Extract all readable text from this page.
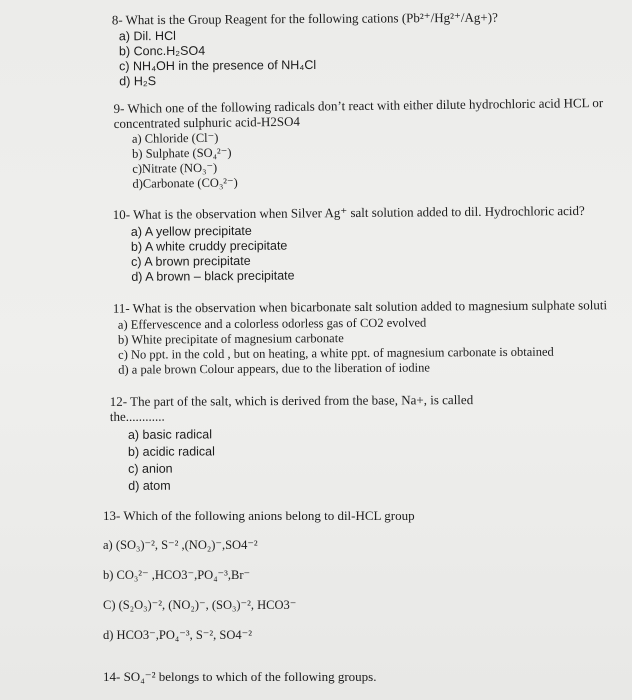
8- What is the Group Reagent for the following cations (Pb²⁺/Hg²⁺/Ag+)?
a) Dil. HCl
b) Conc.H₂SO4
c) NH₄OH in the presence of NH₄Cl
d) H₂S
9- Which one of the following radicals don’t react with either dilute hydrochloric acid HCL or
concentrated sulphuric acid-H2SO4
a) Chloride (Cl⁻)
b) Sulphate (SO₄²⁻)
c)Nitrate (NO₃⁻)
d)Carbonate (CO₃²⁻)
10- What is the observation when Silver Ag⁺ salt solution added to dil. Hydrochloric acid?
a) A yellow precipitate
b) A white cruddy precipitate
c) A brown precipitate
d) A brown – black precipitate
11- What is the observation when bicarbonate salt solution added to magnesium sulphate soluti
a) Effervescence and a colorless odorless gas of CO2 evolved
b) White precipitate of magnesium carbonate
c) No ppt. in the cold , but on heating, a white ppt. of magnesium carbonate is obtained
d) a pale brown Colour appears, due to the liberation of iodine
12- The part of the salt, which is derived from the base, Na+, is called
the............
a) basic radical
b) acidic radical
c) anion
d) atom
13- Which of the following anions belong to dil-HCL group
a) (SO₃)⁻², S⁻² ,(NO₂)⁻,SO4⁻²
b) CO₃²⁻ ,HCO3⁻,PO₄⁻³,Br⁻
C) (S₂O₃)⁻², (NO₂)⁻, (SO₃)⁻², HCO3⁻
d) HCO3⁻,PO₄⁻³, S⁻², SO4⁻²
14- SO₄⁻² belongs to which of the following groups.
